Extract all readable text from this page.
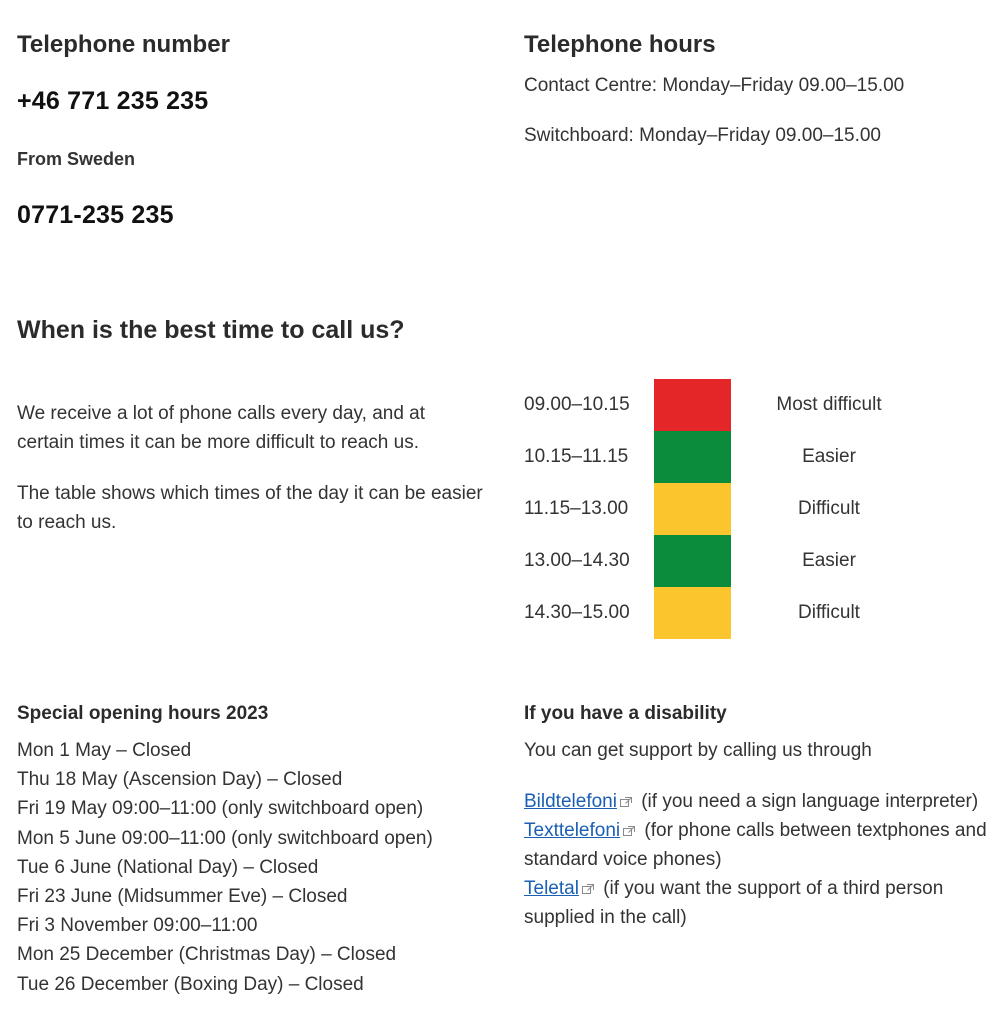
Telephone number
+46 771 235 235
From Sweden
0771-235 235
Telephone hours

Contact Centre: Monday–Friday 09.00–15.00

Switchboard: Monday–Friday 09.00–15.00

When is the best time to call us?

We receive a lot of phone calls every day, and at certain times it can be more difficult to reach us.

The table shows which times of the day it can be easier to reach us.

09.00–10.15	Most difficult
10.15–11.15	Easier
11.15–13.00	Difficult
13.00–14.30	Easier
14.30–15.00	Difficult
Special opening hours 2023
Mon 1 May – Closed
Thu 18 May (Ascension Day) – Closed
Fri 19 May 09:00–11:00 (only switchboard open)
Mon 5 June 09:00–11:00 (only switchboard open)
Tue 6 June (National Day) – Closed
Fri 23 June (Midsummer Eve) – Closed
Fri 3 November 09:00–11:00
Mon 25 December (Christmas Day) – Closed
Tue 26 December (Boxing Day) – Closed
If you have a disability

You can get support by calling us through

Bildtelefoni (if you need a sign language interpreter)
Texttelefoni (for phone calls between textphones and standard voice phones)
Teletal (if you want the support of a third person supplied in the call)
